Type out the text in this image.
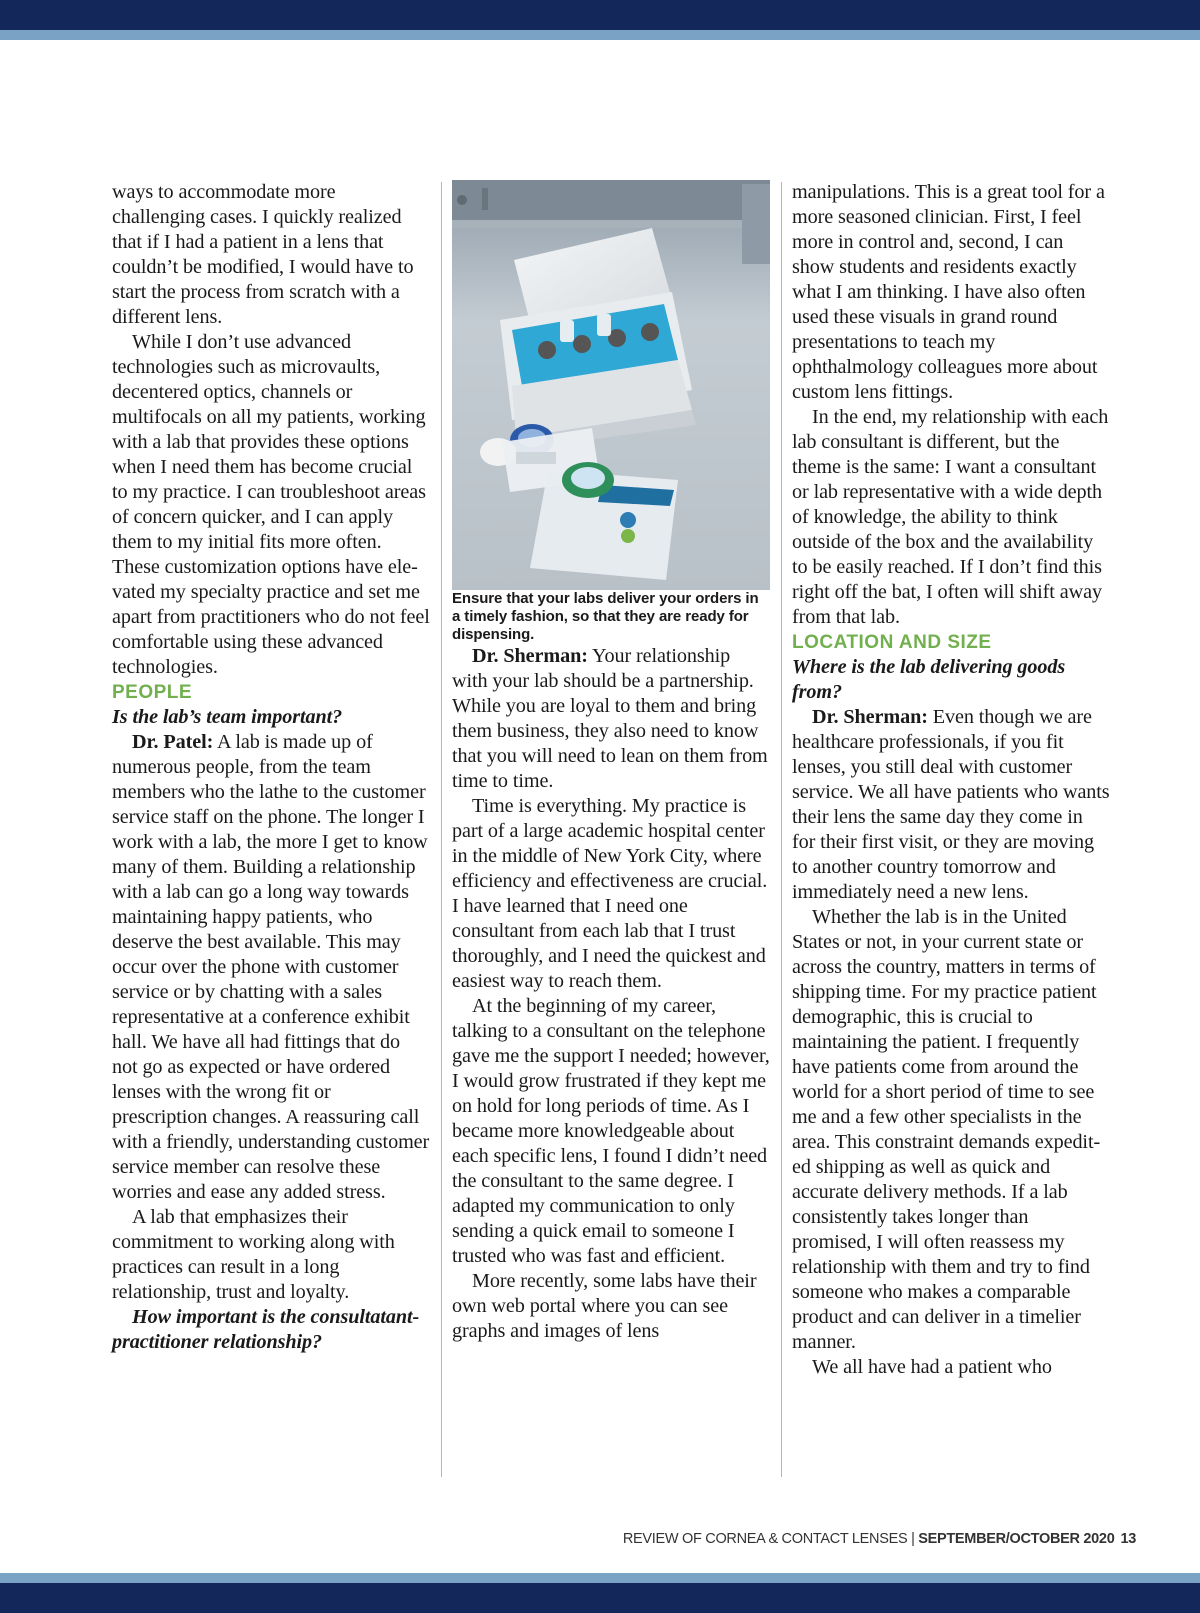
ways to accommodate more challenging cases. I quickly realized that if I had a patient in a lens that couldn’t be modified, I would have to start the process from scratch with a different lens.

While I don’t use advanced technologies such as microvaults, decentered optics, channels or multifocals on all my patients, working with a lab that provides these options when I need them has become crucial to my practice. I can troubleshoot areas of concern quicker, and I can apply them to my initial fits more often. These customization options have elevated my specialty practice and set me apart from practitioners who do not feel comfortable using these advanced technologies.

PEOPLE

Is the lab’s team important?

Dr. Patel: A lab is made up of numerous people, from the team members who the lathe to the customer service staff on the phone. The longer I work with a lab, the more I get to know many of them. Building a relationship with a lab can go a long way towards maintaining happy patients, who deserve the best available. This may occur over the phone with customer service or by chatting with a sales representative at a conference exhibit hall. We have all had fittings that do not go as expected or have ordered lenses with the wrong fit or prescription changes. A reassuring call with a friendly, understanding customer service member can resolve these worries and ease any added stress.

A lab that emphasizes their commitment to working along with practices can result in a long relationship, trust and loyalty.

How important is the consultatant-practitioner relationship?

Ensure that your labs deliver your orders in a timely fashion, so that they are ready for dispensing.

Dr. Sherman: Your relationship with your lab should be a partnership. While you are loyal to them and bring them business, they also need to know that you will need to lean on them from time to time.

Time is everything. My practice is part of a large academic hospital center in the middle of New York City, where efficiency and effectiveness are crucial. I have learned that I need one consultant from each lab that I trust thoroughly, and I need the quickest and easiest way to reach them.

At the beginning of my career, talking to a consultant on the telephone gave me the support I needed; however, I would grow frustrated if they kept me on hold for long periods of time. As I became more knowledgeable about each specific lens, I found I didn’t need the consultant to the same degree. I adapted my communication to only sending a quick email to someone I trusted who was fast and efficient.

More recently, some labs have their own web portal where you can see graphs and images of lens

manipulations. This is a great tool for a more seasoned clinician. First, I feel more in control and, second, I can show students and residents exactly what I am thinking. I have also often used these visuals in grand round presentations to teach my ophthalmology colleagues more about custom lens fittings.

In the end, my relationship with each lab consultant is different, but the theme is the same: I want a consultant or lab representative with a wide depth of knowledge, the ability to think outside of the box and the availability to be easily reached. If I don’t find this right off the bat, I often will shift away from that lab.

LOCATION AND SIZE

Where is the lab delivering goods from?

Dr. Sherman: Even though we are healthcare professionals, if you fit lenses, you still deal with customer service. We all have patients who wants their lens the same day they come in for their first visit, or they are moving to another country tomorrow and immediately need a new lens.

Whether the lab is in the United States or not, in your current state or across the country, matters in terms of shipping time. For my practice patient demographic, this is crucial to maintaining the patient. I frequently have patients come from around the world for a short period of time to see me and a few other specialists in the area. This constraint demands expedited shipping as well as quick and accurate delivery methods. If a lab consistently takes longer than promised, I will often reassess my relationship with them and try to find someone who makes a comparable product and can deliver in a timelier manner.

We all have had a patient who

REVIEW OF CORNEA & CONTACT LENSES | SEPTEMBER/OCTOBER 2020 13
